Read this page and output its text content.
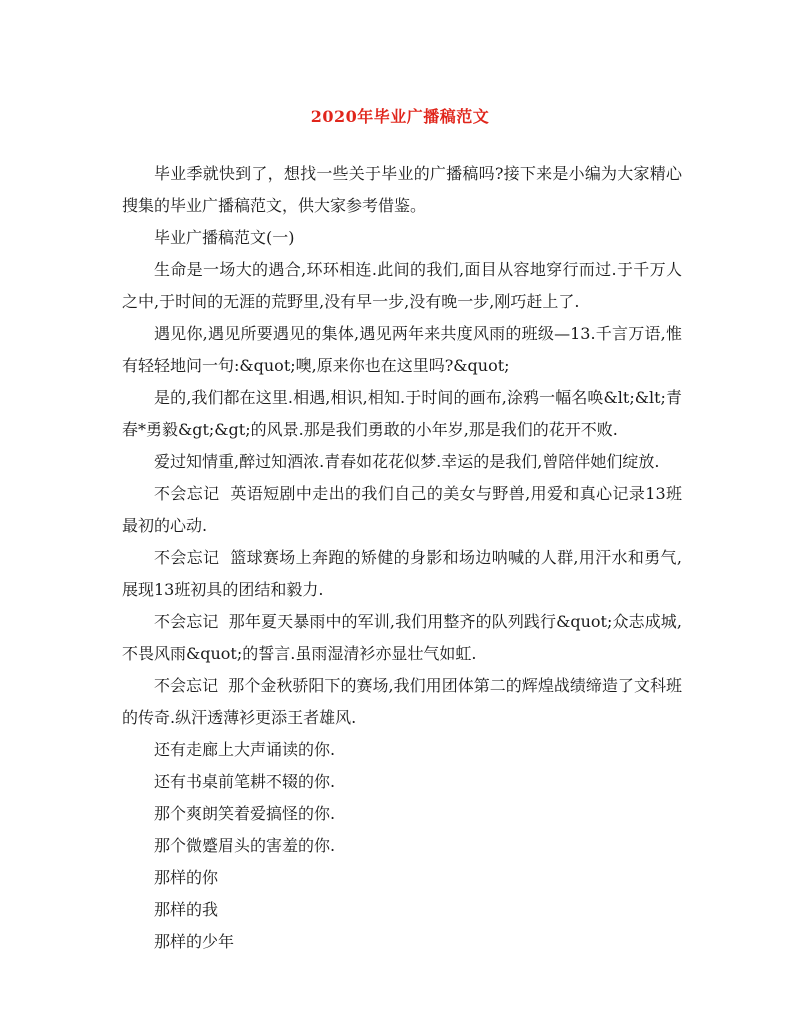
2020年毕业广播稿范文

毕业季就快到了，想找一些关于毕业的广播稿吗?接下来是小编为大家精心搜集的毕业广播稿范文，供大家参考借鉴。

毕业广播稿范文(一)

生命是一场大的遇合,环环相连.此间的我们,面目从容地穿行而过.于千万人之中,于时间的无涯的荒野里,没有早一步,没有晚一步,刚巧赶上了.

遇见你,遇见所要遇见的集体,遇见两年来共度风雨的班级—13.千言万语,惟有轻轻地问一句:&quot;噢,原来你也在这里吗?&quot;

是的,我们都在这里.相遇,相识,相知.于时间的画布,涂鸦一幅名唤&lt;&lt;青春*勇毅&gt;&gt;的风景.那是我们勇敢的小年岁,那是我们的花开不败.

爱过知情重,醉过知酒浓.青春如花花似梦.幸运的是我们,曾陪伴她们绽放.

不会忘记  英语短剧中走出的我们自己的美女与野兽,用爱和真心记录13班最初的心动.

不会忘记  篮球赛场上奔跑的矫健的身影和场边呐喊的人群,用汗水和勇气,展现13班初具的团结和毅力.

不会忘记  那年夏天暴雨中的军训,我们用整齐的队列践行&quot;众志成城,不畏风雨&quot;的誓言.虽雨湿清衫亦显壮气如虹.

不会忘记  那个金秋骄阳下的赛场,我们用团体第二的辉煌战绩缔造了文科班的传奇.纵汗透薄衫更添王者雄风.

还有走廊上大声诵读的你.

还有书桌前笔耕不辍的你.

那个爽朗笑着爱搞怪的你.

那个微蹙眉头的害羞的你.

那样的你

那样的我

那样的少年
